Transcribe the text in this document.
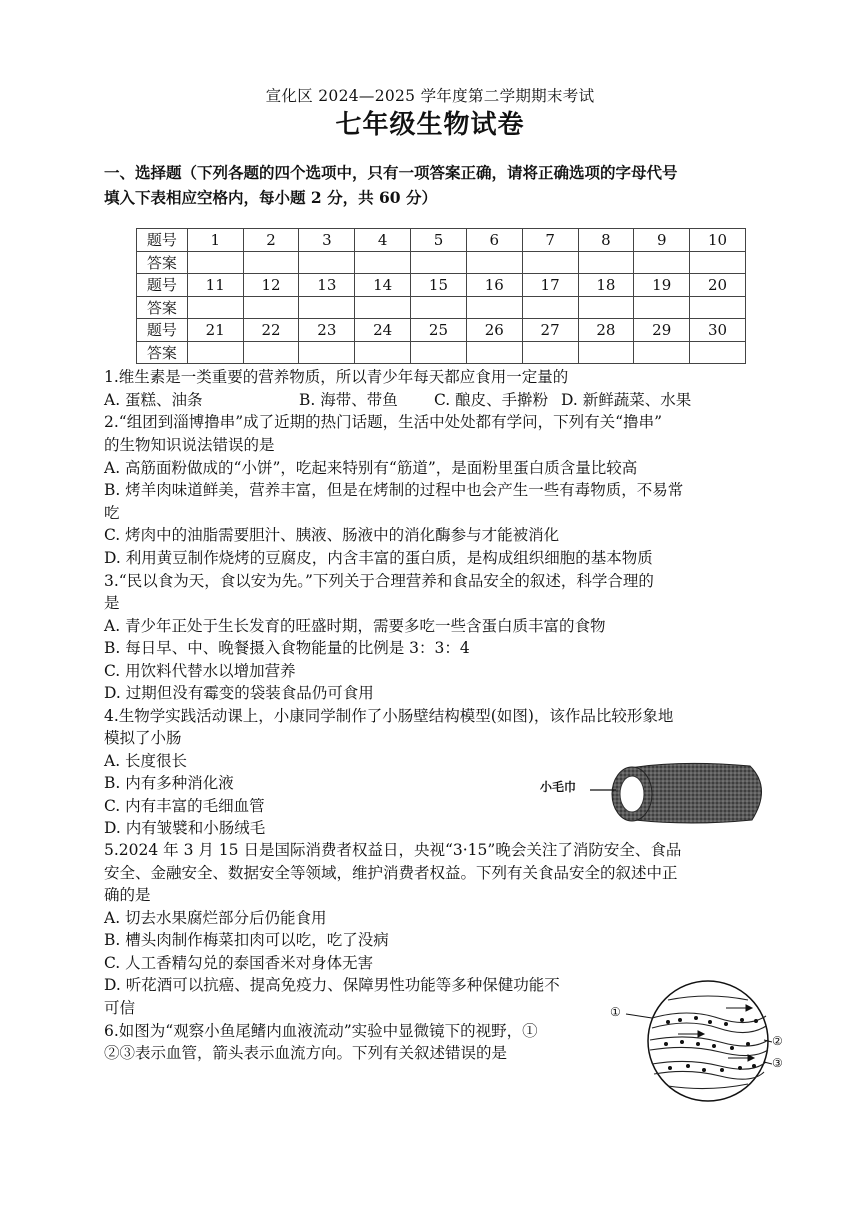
宣化区 2024—2025 学年度第二学期期末考试
七年级生物试卷
一、选择题（下列各题的四个选项中，只有一项答案正确，请将正确选项的字母代号
填入下表相应空格内，每小题 2 分，共 60 分）
题号	1	2	3	4	5	6	7	8	9	10
答案										
题号	11	12	13	14	15	16	17	18	19	20
答案										
题号	21	22	23	24	25	26	27	28	29	30
答案										
1.维生素是一类重要的营养物质，所以青少年每天都应食用一定量的
A. 蛋糕、油条	B. 海带、带鱼 C. 酿皮、手擀粉 D. 新鲜蔬菜、水果
2.“组团到淄博撸串”成了近期的热门话题，生活中处处都有学问，下列有关“撸串”
的生物知识说法错误的是
A. 高筋面粉做成的“小饼”，吃起来特别有“筋道”，是面粉里蛋白质含量比较高
B. 烤羊肉味道鲜美，营养丰富，但是在烤制的过程中也会产生一些有毒物质，不易常
吃
C. 烤肉中的油脂需要胆汁、胰液、肠液中的消化酶参与才能被消化
D. 利用黄豆制作烧烤的豆腐皮，内含丰富的蛋白质，是构成组织细胞的基本物质
3.“民以食为天，食以安为先。”下列关于合理营养和食品安全的叙述，科学合理的
是
A. 青少年正处于生长发育的旺盛时期，需要多吃一些含蛋白质丰富的食物
B. 每日早、中、晚餐摄入食物能量的比例是 3：3：4
C. 用饮料代替水以增加营养
D. 过期但没有霉变的袋装食品仍可食用
4.生物学实践活动课上，小康同学制作了小肠壁结构模型(如图)，该作品比较形象地
模拟了小肠
A. 长度很长
B. 内有多种消化液
C. 内有丰富的毛细血管
D. 内有皱襞和小肠绒毛
小毛巾
5.2024 年 3 月 15 日是国际消费者权益日，央视“3·15”晚会关注了消防安全、食品
安全、金融安全、数据安全等领域，维护消费者权益。下列有关食品安全的叙述中正
确的是
A. 切去水果腐烂部分后仍能食用
B. 槽头肉制作梅菜扣肉可以吃，吃了没病
C. 人工香精勾兑的泰国香米对身体无害
D. 听花酒可以抗癌、提高免疫力、保障男性功能等多种保健功能不
可信
6.如图为“观察小鱼尾鳍内血液流动”实验中显微镜下的视野，①
②③表示血管，箭头表示血流方向。下列有关叙述错误的是
①
②
③
